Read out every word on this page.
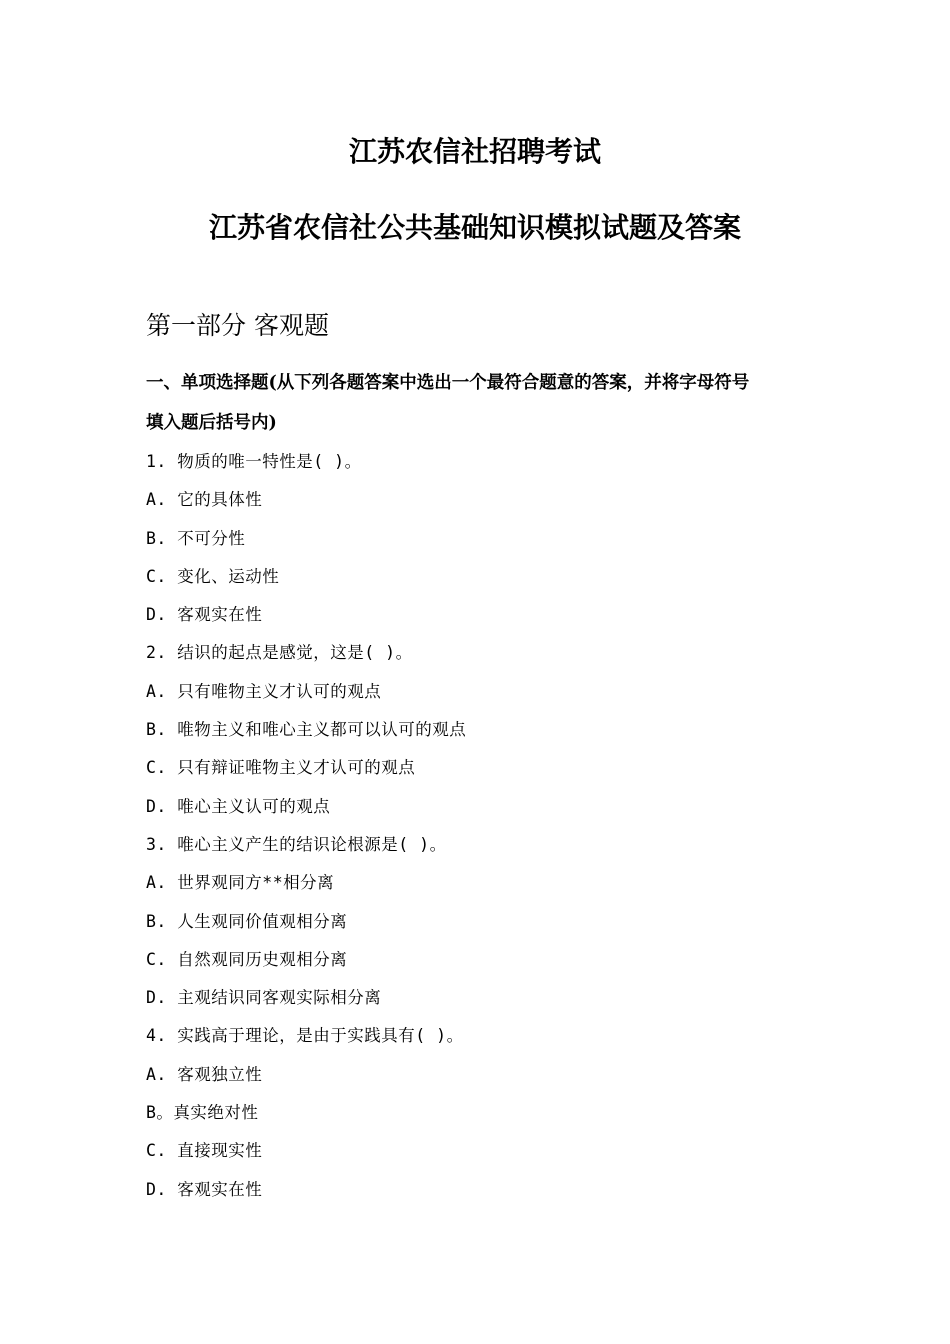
江苏农信社招聘考试
江苏省农信社公共基础知识模拟试题及答案
第一部分 客观题
一、单项选择题(从下列各题答案中选出一个最符合题意的答案，并将字母符号
填入题后括号内)
1. 物质的唯一特性是( )。
A. 它的具体性
B. 不可分性
C. 变化、运动性
D. 客观实在性
2. 结识的起点是感觉，这是( )。
A. 只有唯物主义才认可的观点
B. 唯物主义和唯心主义都可以认可的观点
C. 只有辩证唯物主义才认可的观点
D. 唯心主义认可的观点
3. 唯心主义产生的结识论根源是( )。
A. 世界观同方**相分离
B. 人生观同价值观相分离
C. 自然观同历史观相分离
D. 主观结识同客观实际相分离
4. 实践高于理论，是由于实践具有( )。
A. 客观独立性
B。真实绝对性
C. 直接现实性
D. 客观实在性
